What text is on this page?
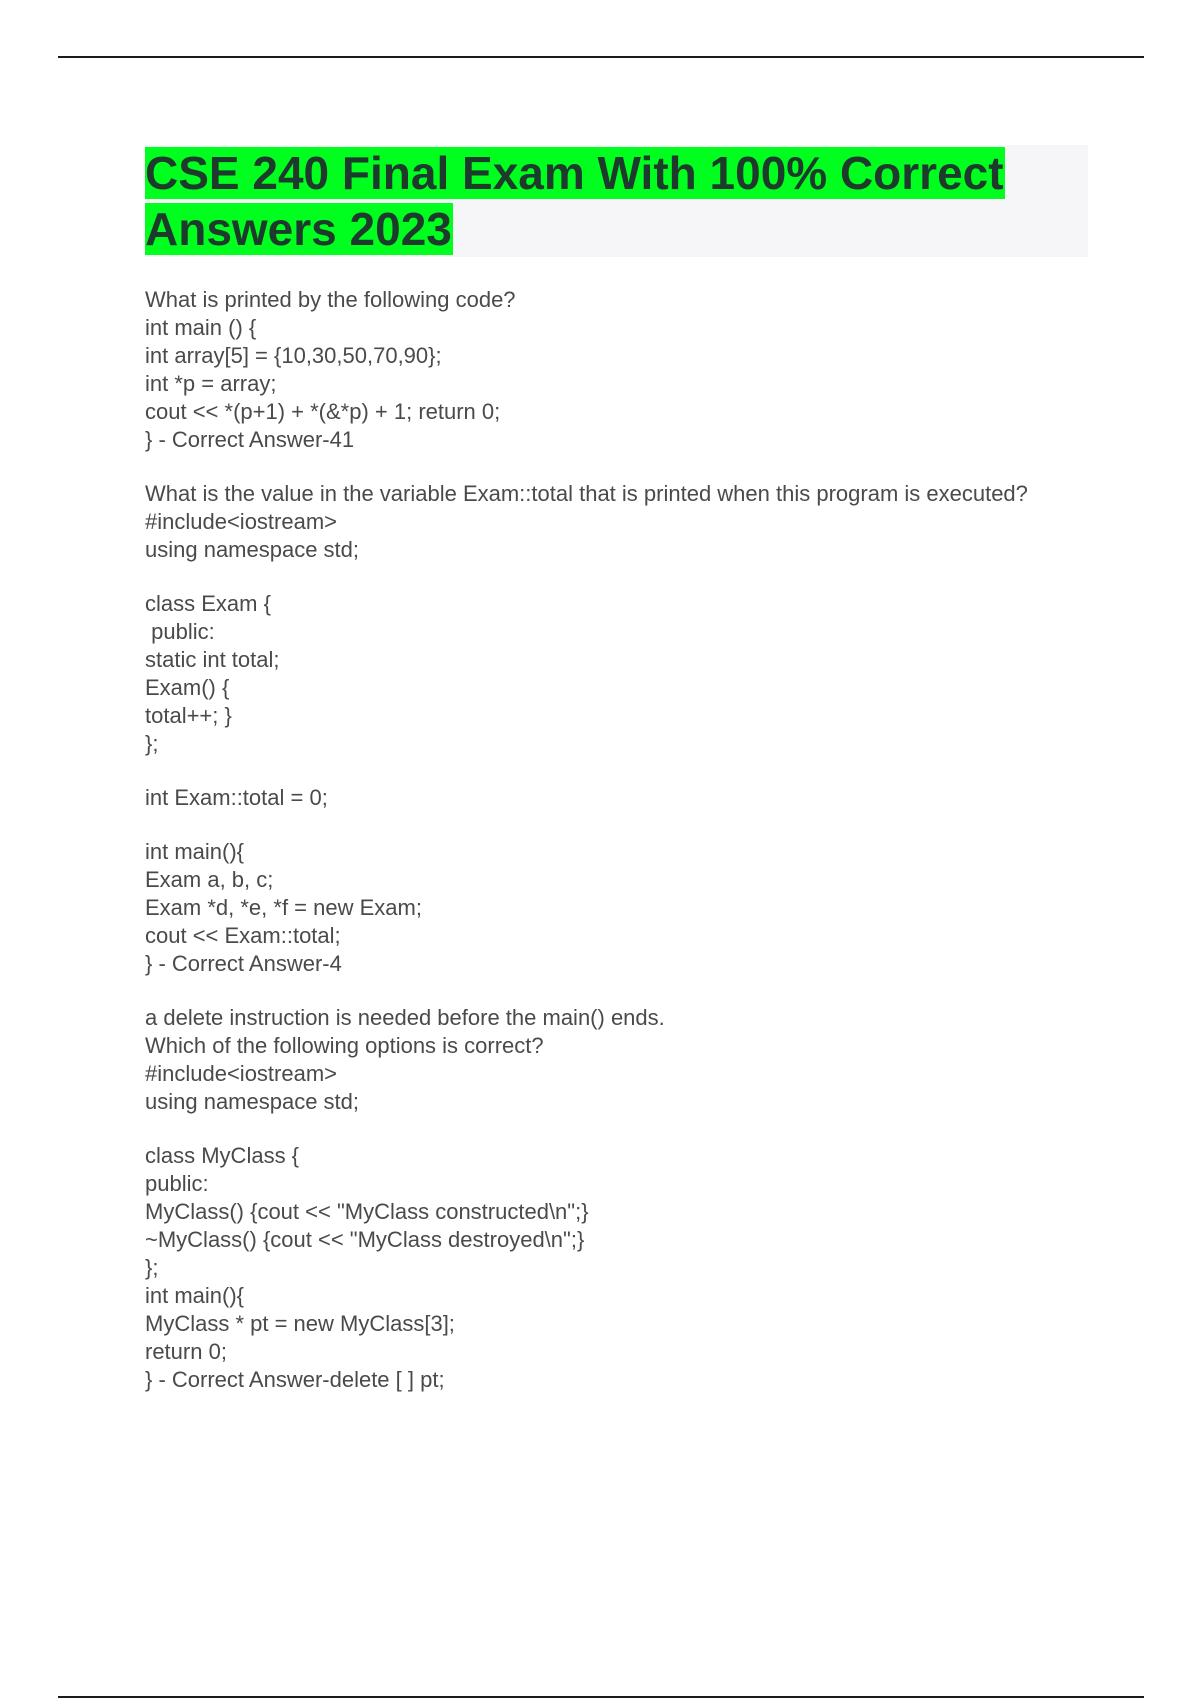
CSE 240 Final Exam With 100% Correct
Answers 2023
What is printed by the following code?
int main () {
int array[5] = {10,30,50,70,90};
int *p = array;
cout << *(p+1) + *(&*p) + 1; return 0;
} - Correct Answer-41
What is the value in the variable Exam::total that is printed when this program is executed?
#include<iostream>
using namespace std;
class Exam {
public:
static int total;
Exam() {
total++; }
};
int Exam::total = 0;
int main(){
Exam a, b, c;
Exam *d, *e, *f = new Exam;
cout << Exam::total;
} - Correct Answer-4
a delete instruction is needed before the main() ends.
Which of the following options is correct?
#include<iostream>
using namespace std;
class MyClass {
public:
MyClass() {cout << "MyClass constructed\n";}
~MyClass() {cout << "MyClass destroyed\n";}
};
int main(){
MyClass * pt = new MyClass[3];
return 0;
} - Correct Answer-delete [ ] pt;
